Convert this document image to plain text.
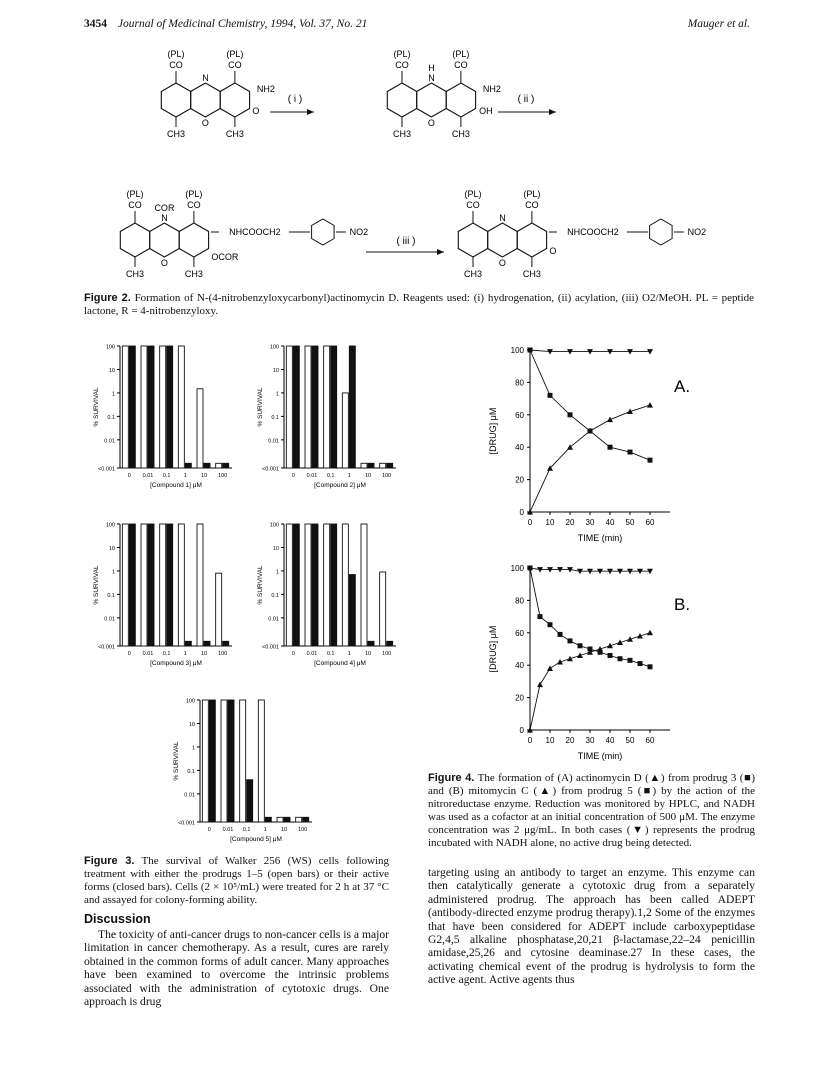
3454 Journal of Medicinal Chemistry, 1994, Vol. 37, No. 21	Mauger et al.
N
O
CO
(PL)
CH3
CO
(PL)
CH3
NH2
O
N
O
H
CO
(PL)
CH3
CO
(PL)
CH3
NH2
OH
N
O
COR
CO
(PL)
CH3
CO
(PL)
CH3
NHCOOCH2	NO2
OCOR
N
O
CO
(PL)
CH3
CO
(PL)
CH3
NHCOOCH2	NO2
O
( i )	( ii )
( iii )
Figure 2. Formation of N-(4-nitrobenzyloxycarbonyl)actinomycin D. Reagents used: (i) hydrogenation, (ii) acylation, (iii) O2/MeOH. PL = peptide lactone, R = 4-nitrobenzyloxy.
100
10
1
0.1
0.01
<0.001
0 0.01 0.1 1	10 100
[Compound 1] μM
% SURVIVAL
100
10
1
0.1
0.01
<0.001
0 0.01 0.1 1	10 100
[Compound 2] μM
% SURVIVAL
100
10
1
0.1
0.01
<0.001
0 0.01 0.1 1	10 100
[Compound 3] μM
% SURVIVAL
100
10
1
0.1
0.01
<0.001
0 0.01 0.1 1	10 100
[Compound 4] μM
% SURVIVAL
100
10
1
0.1
0.01
<0.001
0 0.01 0.1 1	10 100
[Compound 5] μM
% SURVIVAL
Figure 3. The survival of Walker 256 (WS) cells following treatment with either the prodrugs 1–5 (open bars) or their active forms (closed bars). Cells (2 × 10⁵/mL) were treated for 2 h at 37 °C and assayed for colony-forming ability.
0
20
40
60
80
100
0 10 20 30 40 50 60
TIME (min)
[DRUG] μM
A.
0
20
40
60
80
100
0 10 20 30 40 50 60
TIME (min)
[DRUG] μM
B.
Figure 4. The formation of (A) actinomycin D (▲) from prodrug 3 (■) and (B) mitomycin C (▲) from prodrug 5 (■) by the action of the nitroreductase enzyme. Reduction was monitored by HPLC, and NADH was used as a cofactor at an initial concentration of 500 μM. The enzyme concentration was 2 μg/mL. In both cases (▼) represents the prodrug incubated with NADH alone, no active drug being detected.
Discussion
The toxicity of anti-cancer drugs to non-cancer cells is a major limitation in cancer chemotherapy. As a result, cures are rarely obtained in the common forms of adult cancer. Many approaches have been examined to overcome the intrinsic problems associated with the administration of cytotoxic drugs. One approach is drug
targeting using an antibody to target an enzyme. This enzyme can then catalytically generate a cytotoxic drug from a separately administered prodrug. The approach has been called ADEPT (antibody-directed enzyme prodrug therapy).1,2 Some of the enzymes that have been considered for ADEPT include carboxypeptidase G2,4,5 alkaline phosphatase,20,21 β-lactamase,22–24 penicillin amidase,25,26 and cytosine deaminase.27 In these cases, the activating chemical event of the prodrug is hydrolysis to form the active agent. Active agents thus
